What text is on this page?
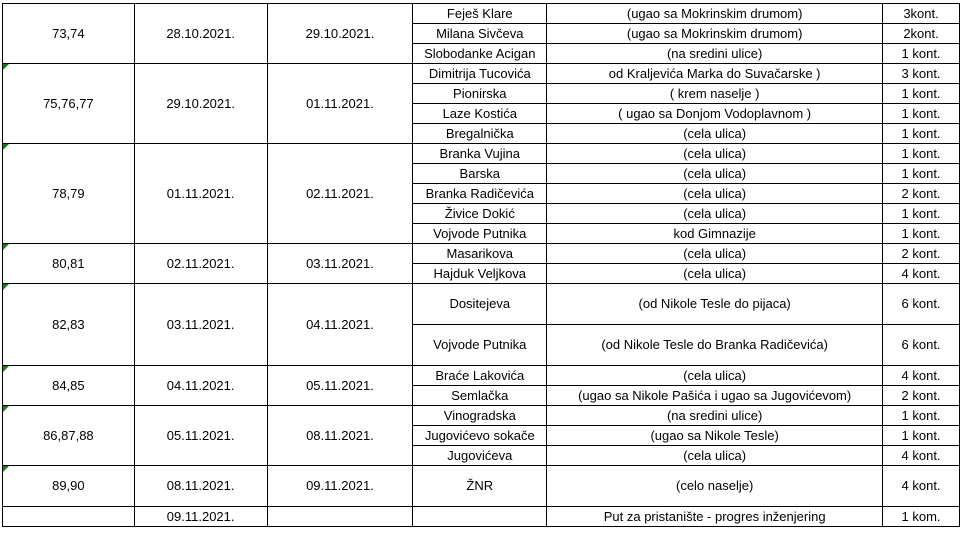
73,74	28.10.2021.	29.10.2021.	Feješ Klare	(ugao sa Mokrinskim drumom)	3kont.
			Milana Sivčeva	(ugao sa Mokrinskim drumom)	2kont.
			Slobodanke Acigan	(na sredini ulice)	1 kont.
75,76,77	29.10.2021.	01.11.2021.	Dimitrija Tucovića	od Kraljevića Marka do Suvačarske )	3 kont.
			Pionirska	( krem naselje )	1 kont.
			Laze Kostića	( ugao sa Donjom Vodoplavnom )	1 kont.
			Bregalnička	(cela ulica)	1 kont.
78,79	01.11.2021.	02.11.2021.	Branka Vujina	(cela ulica)	1 kont.
			Barska	(cela ulica)	1 kont.
			Branka Radičevića	(cela ulica)	2 kont.
			Živice Dokić	(cela ulica)	1 kont.
			Vojvode Putnika	kod Gimnazije	1 kont.
80,81	02.11.2021.	03.11.2021.	Masarikova	(cela ulica)	2 kont.
			Hajduk Veljkova	(cela ulica)	4 kont.
82,83	03.11.2021.	04.11.2021.	Dositejeva	(od Nikole Tesle do pijaca)	6 kont.
			Vojvode Putnika	(od Nikole Tesle do Branka Radičevića)	6 kont.
84,85	04.11.2021.	05.11.2021.	Braće Lakovića	(cela ulica)	4 kont.
			Semlačka	(ugao sa Nikole Pašića i ugao sa Jugovićevom)	2 kont.
86,87,88	05.11.2021.	08.11.2021.	Vinogradska	(na sredini ulice)	1 kont.
			Jugovićevo sokače	(ugao sa Nikole Tesle)	1 kont.
			Jugovićeva	(cela ulica)	4 kont.
89,90	08.11.2021.	09.11.2021.	ŽNR	(celo naselje)	4 kont.
	09.11.2021.			Put za pristanište - progres inženjering	1 kom.
